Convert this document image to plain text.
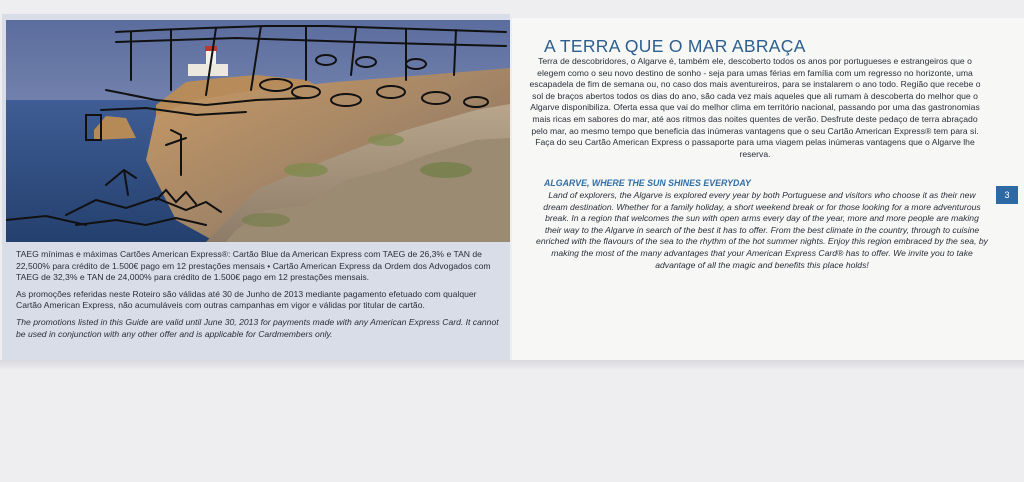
TAEG mínimas e máximas Cartões American Express®: Cartão Blue da American Express com TAEG de 26,3% e TAN de 22,500% para crédito de 1.500€ pago em 12 prestações mensais • Cartão American Express da Ordem dos Advogados com TAEG de 32,3% e TAN de 24,000% para crédito de 1.500€ pago em 12 prestações mensais.

As promoções referidas neste Roteiro são válidas até 30 de Junho de 2013 mediante pagamento efetuado com qualquer Cartão American Express, não acumuláveis com outras campanhas em vigor e válidas por titular de cartão.

The promotions listed in this Guide are valid until June 30, 2013 for payments made with any American Express Card. It cannot be used in conjunction with any other offer and is applicable for Cardmembers only.

A TERRA QUE O MAR ABRAÇA
Terra de descobridores, o Algarve é, também ele, descoberto todos os anos por portugueses e estrangeiros que o elegem como o seu novo destino de sonho - seja para umas férias em família com um regresso no horizonte, uma escapadela de fim de semana ou, no caso dos mais aventureiros, para se instalarem o ano todo. Região que recebe o sol de braços abertos todos os dias do ano, são cada vez mais aqueles que ali rumam à descoberta do melhor que o Algarve disponibiliza. Oferta essa que vai do melhor clima em território nacional, passando por uma das gastronomias mais ricas em sabores do mar, até aos ritmos das noites quentes de verão. Desfrute deste pedaço de terra abraçado pelo mar, ao mesmo tempo que beneficia das inúmeras vantagens que o seu Cartão American Express® tem para si. Faça do seu Cartão American Express o passaporte para uma viagem pelas inúmeras vantagens que o Algarve lhe reserva.
ALGARVE, WHERE THE SUN SHINES EVERYDAY
Land of explorers, the Algarve is explored every year by both Portuguese and visitors who choose it as their new dream destination. Whether for a family holiday, a short weekend break or for those looking for a more adventurous break. In a region that welcomes the sun with open arms every day of the year, more and more people are making their way to the Algarve in search of the best it has to offer. From the best climate in the country, through to cuisine enriched with the flavours of the sea to the rhythm of the hot summer nights. Enjoy this region embraced by the sea, by making the most of the many advantages that your American Express Card® has to offer. We invite you to take advantage of all the magic and benefits this place holds!
3
